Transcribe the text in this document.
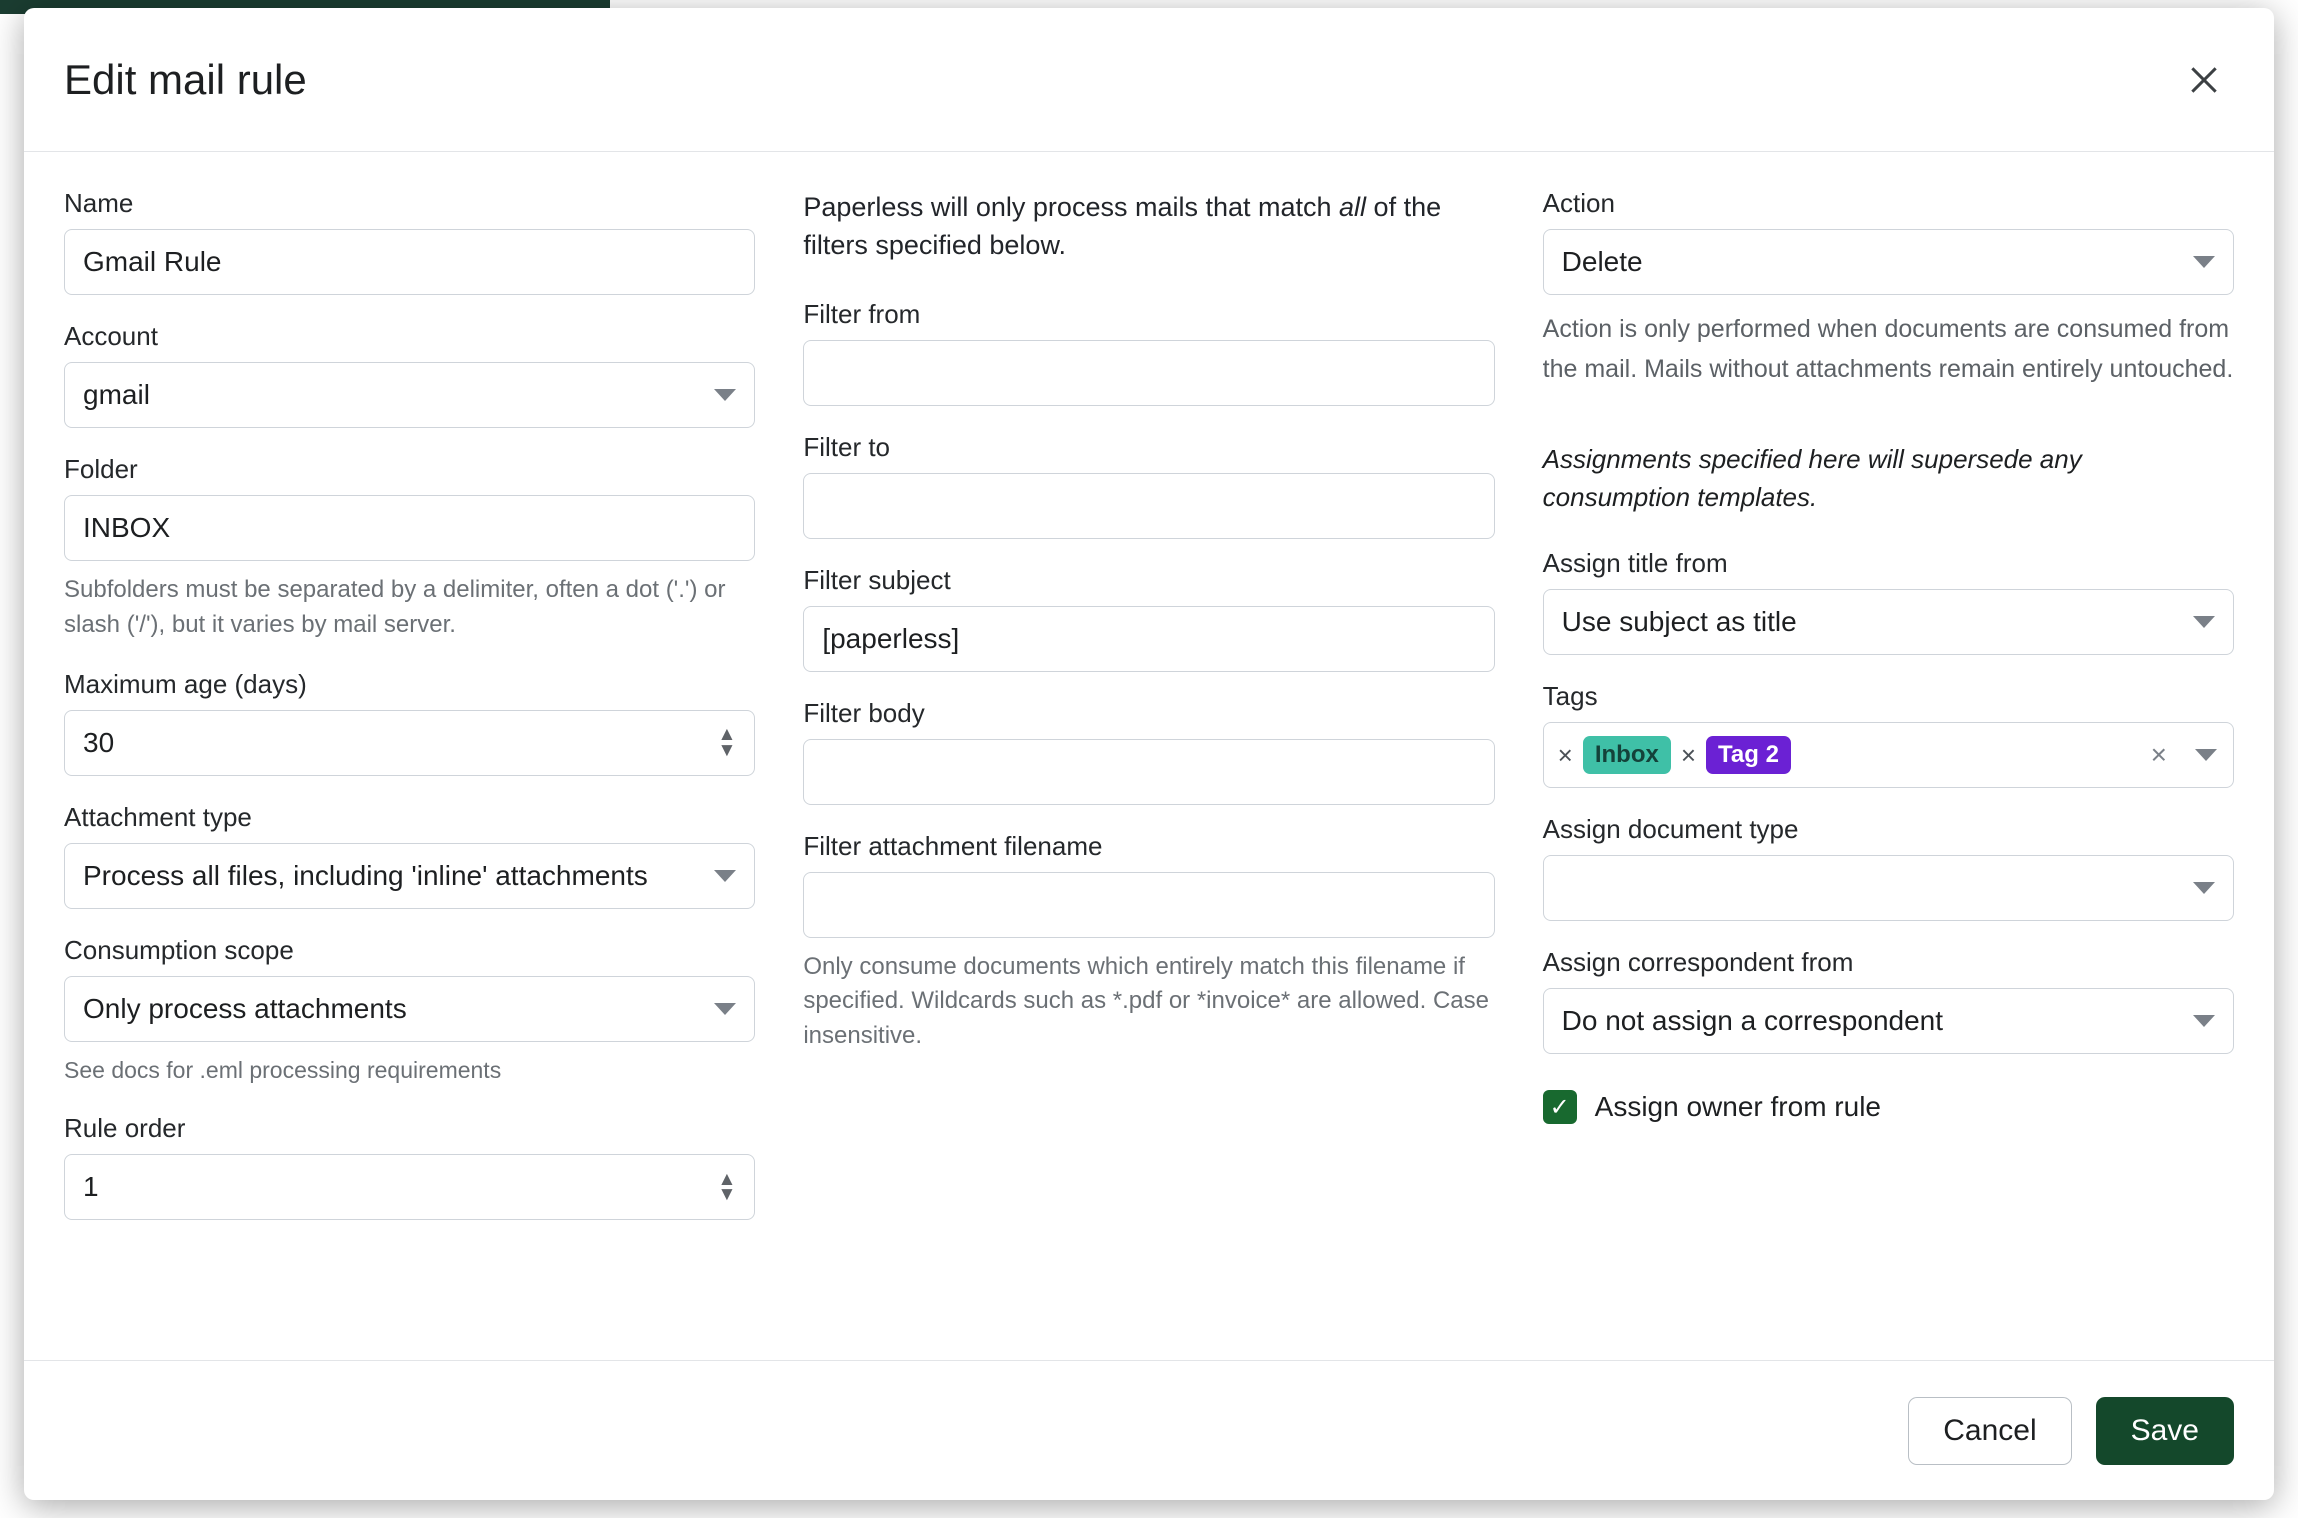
Edit mail rule
Name
Gmail Rule
Account
gmail
Folder
INBOX
Subfolders must be separated by a delimiter, often a dot ('.') or slash ('/'), but it varies by mail server.
Maximum age (days)
30	▲
▼
Attachment type
Process all files, including 'inline' attachments
Consumption scope
Only process attachments
See docs for .eml processing requirements
Rule order
1	▲
▼

Paperless will only process mails that match all of the filters specified below.

Filter from
Filter to
Filter subject
[paperless]
Filter body
Filter attachment filename
Only consume documents which entirely match this filename if specified. Wildcards such as *.pdf or *invoice* are allowed. Case insensitive.
Action
Delete
Action is only performed when documents are consumed from the mail. Mails without attachments remain entirely untouched.
Assignments specified here will supersede any consumption templates.
Assign title from
Use subject as title
Tags
× Inbox × Tag 2	×
Assign document type
Assign correspondent from
Do not assign a correspondent
✓ Assign owner from rule
Cancel	Save
